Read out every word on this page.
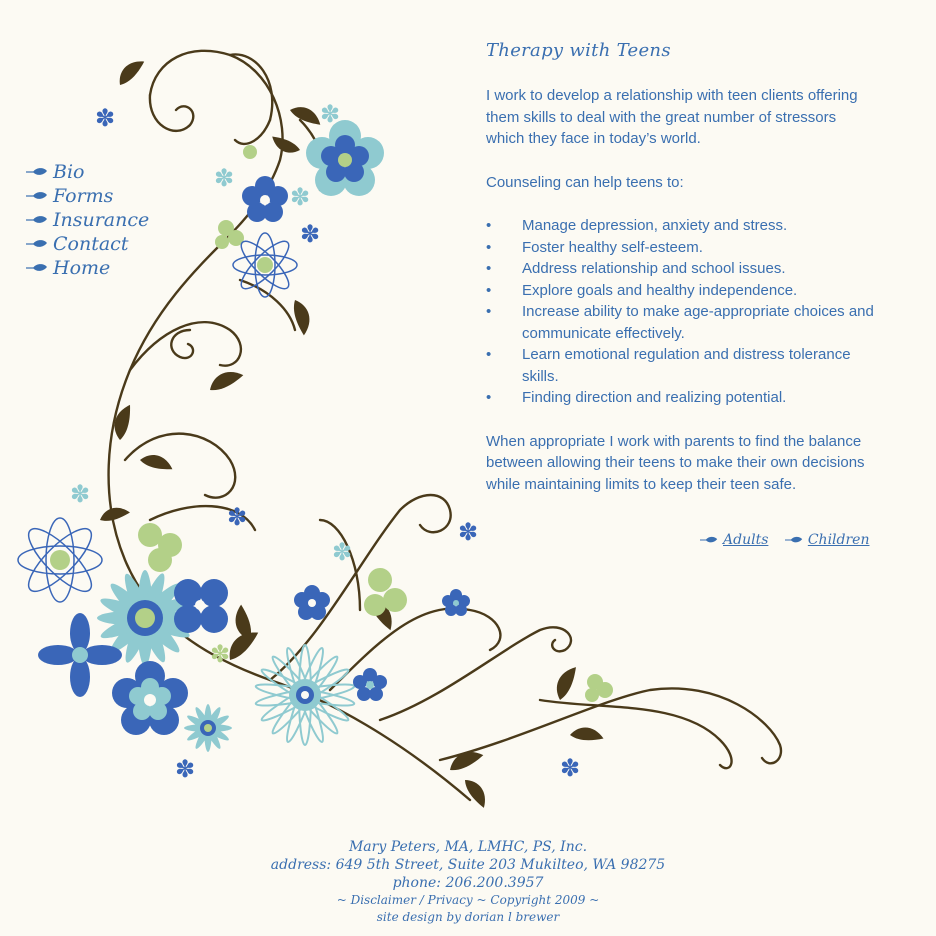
✽	✽
✽
✽
✽
✽
✽
✽
✽
✽	✽
✽
Bio
Forms
Insurance
Contact
Home
Therapy with Teens

I work to develop a relationship with teen clients offering them skills to deal with the great number of stressors which they face in today’s world.

Counseling can help teens to:

• Manage depression, anxiety and stress.
• Foster healthy self-esteem.
• Address relationship and school issues.
• Explore goals and healthy independence.
• Increase ability to make age-appropriate choices and communicate effectively.
• Learn emotional regulation and distress tolerance skills.
• Finding direction and realizing potential.

When appropriate I work with parents to find the balance between allowing their teens to make their own decisions while maintaining limits to keep their teen safe.

Adults	Children
Mary Peters, MA, LMHC, PS, Inc.
address: 649 5th Street, Suite 203 Mukilteo, WA 98275
phone: 206.200.3957
~ Disclaimer / Privacy ~ Copyright 2009 ~
site design by dorian l brewer
